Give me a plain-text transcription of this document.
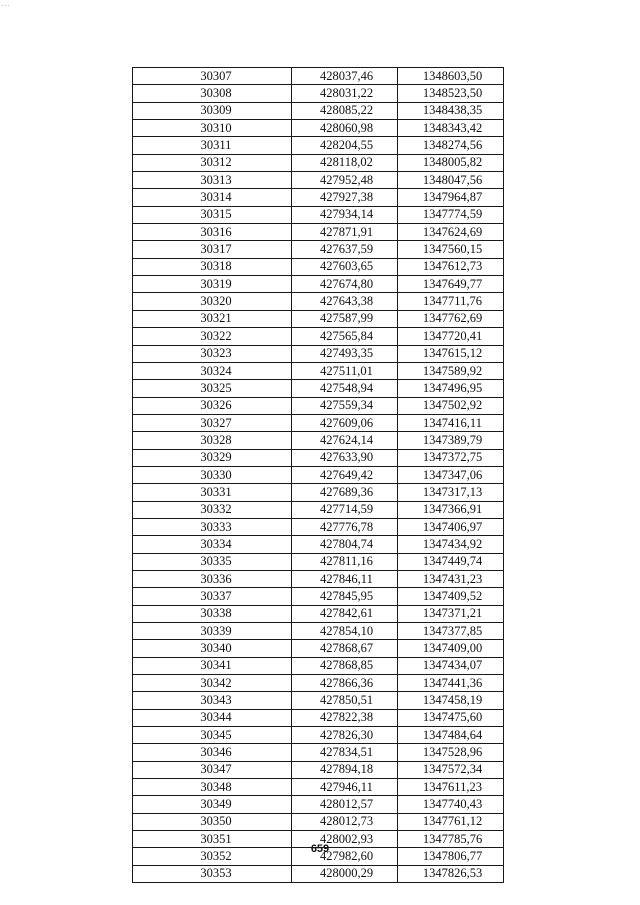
...
30307	428037,46	1348603,50
30308	428031,22	1348523,50
30309	428085,22	1348438,35
30310	428060,98	1348343,42
30311	428204,55	1348274,56
30312	428118,02	1348005,82
30313	427952,48	1348047,56
30314	427927,38	1347964,87
30315	427934,14	1347774,59
30316	427871,91	1347624,69
30317	427637,59	1347560,15
30318	427603,65	1347612,73
30319	427674,80	1347649,77
30320	427643,38	1347711,76
30321	427587,99	1347762,69
30322	427565,84	1347720,41
30323	427493,35	1347615,12
30324	427511,01	1347589,92
30325	427548,94	1347496,95
30326	427559,34	1347502,92
30327	427609,06	1347416,11
30328	427624,14	1347389,79
30329	427633,90	1347372,75
30330	427649,42	1347347,06
30331	427689,36	1347317,13
30332	427714,59	1347366,91
30333	427776,78	1347406,97
30334	427804,74	1347434,92
30335	427811,16	1347449,74
30336	427846,11	1347431,23
30337	427845,95	1347409,52
30338	427842,61	1347371,21
30339	427854,10	1347377,85
30340	427868,67	1347409,00
30341	427868,85	1347434,07
30342	427866,36	1347441,36
30343	427850,51	1347458,19
30344	427822,38	1347475,60
30345	427826,30	1347484,64
30346	427834,51	1347528,96
30347	427894,18	1347572,34
30348	427946,11	1347611,23
30349	428012,57	1347740,43
30350	428012,73	1347761,12
30351	428002,93	1347785,76
30352	427982,60	1347806,77
30353	428000,29	1347826,53
659
